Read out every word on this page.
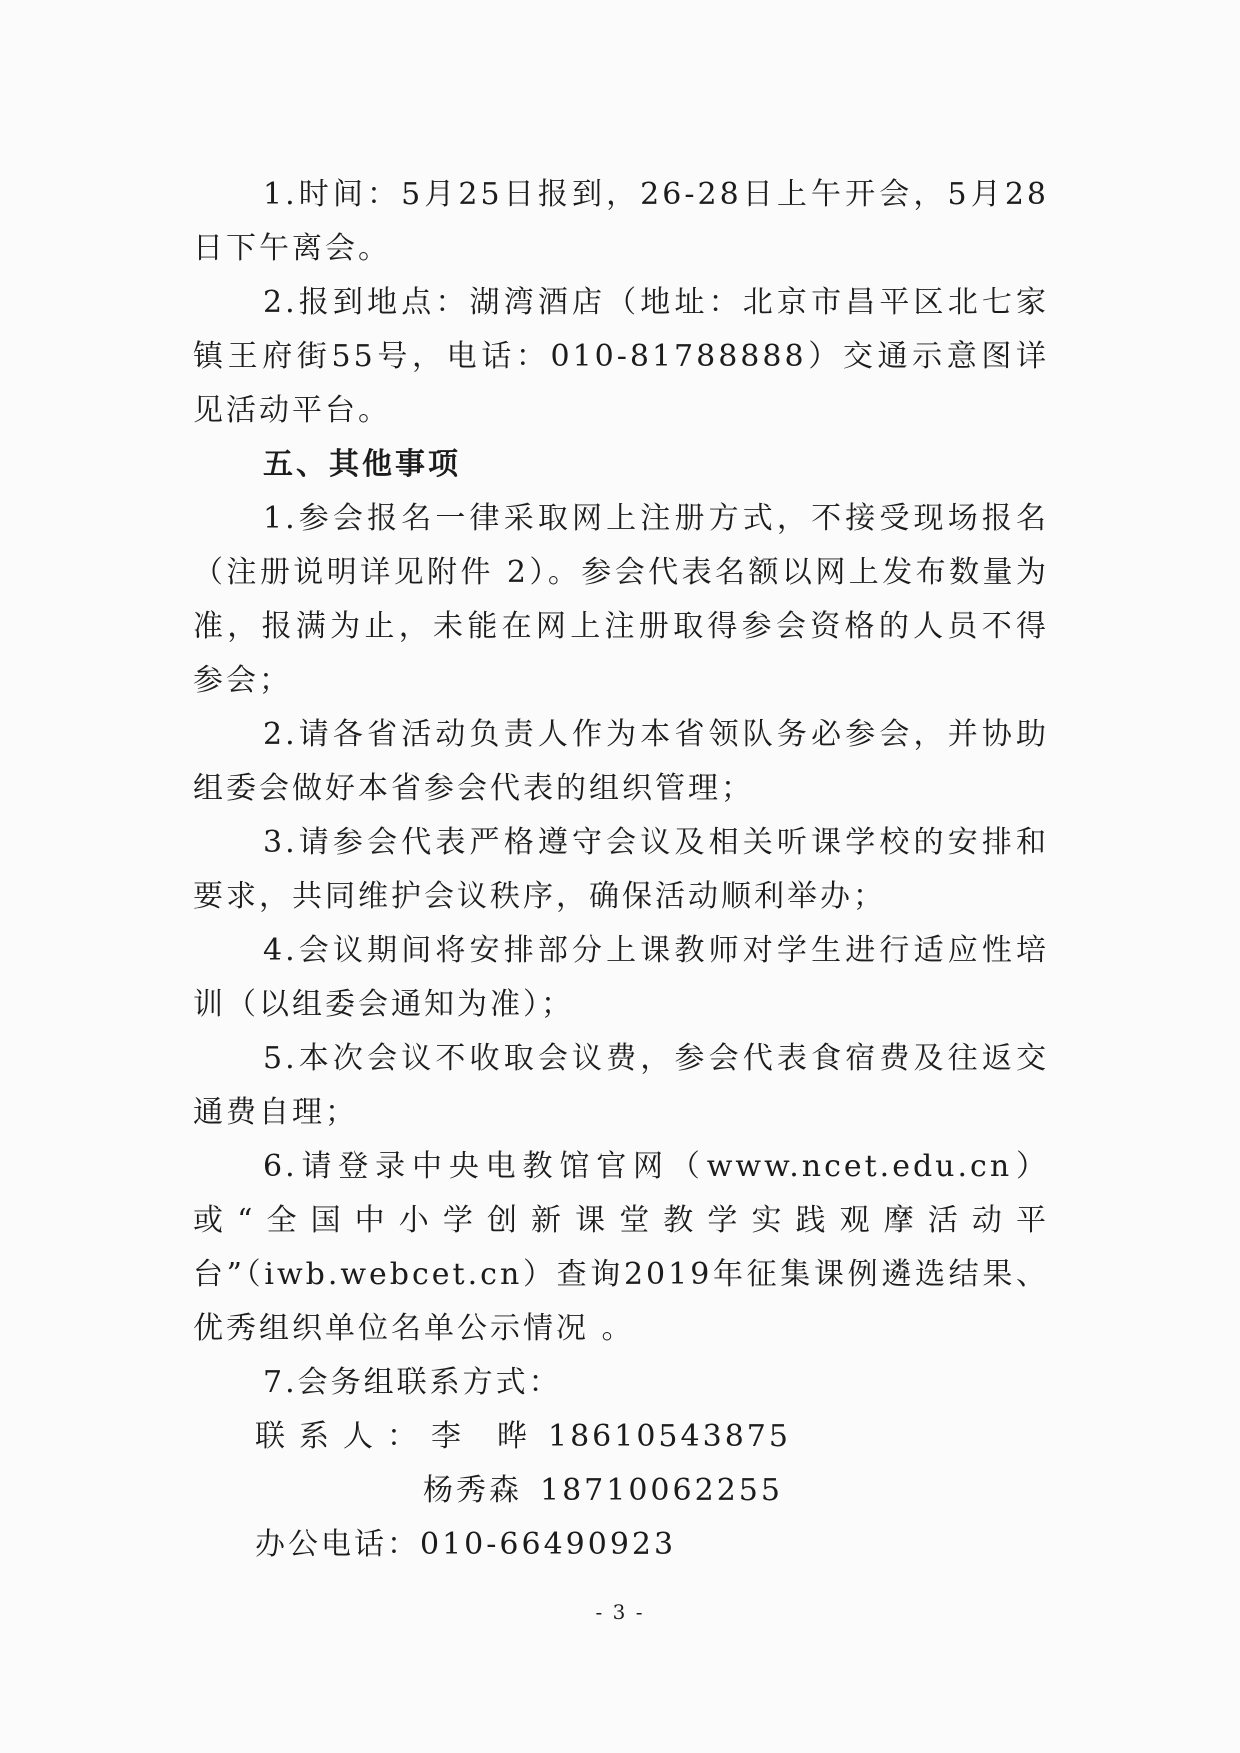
1.时间：5月25日报到，26-28日上午开会，5月28日下午离会。

2.报到地点：湖湾酒店（地址：北京市昌平区北七家镇王府街55号，电话：010-81788888）交通示意图详见活动平台。

五、其他事项

1.参会报名一律采取网上注册方式，不接受现场报名（注册说明详见附件 2）。参会代表名额以网上发布数量为准，报满为止，未能在网上注册取得参会资格的人员不得参会；

2.请各省活动负责人作为本省领队务必参会，并协助组委会做好本省参会代表的组织管理；

3.请参会代表严格遵守会议及相关听课学校的安排和要求，共同维护会议秩序，确保活动顺利举办；

4.会议期间将安排部分上课教师对学生进行适应性培训（以组委会通知为准）；

5.本次会议不收取会议费，参会代表食宿费及往返交通费自理；

6.请登录中央电教馆官网（www.ncet.edu.cn）或“全国中小学创新课堂教学实践观摩活动平台”（iwb.webcet.cn）查询2019年征集课例遴选结果、优秀组织单位名单公示情况 。

7.会务组联系方式：

联系人：李　晔 18610543875

杨秀森 18710062255

办公电话：010-66490923

- 3 -
